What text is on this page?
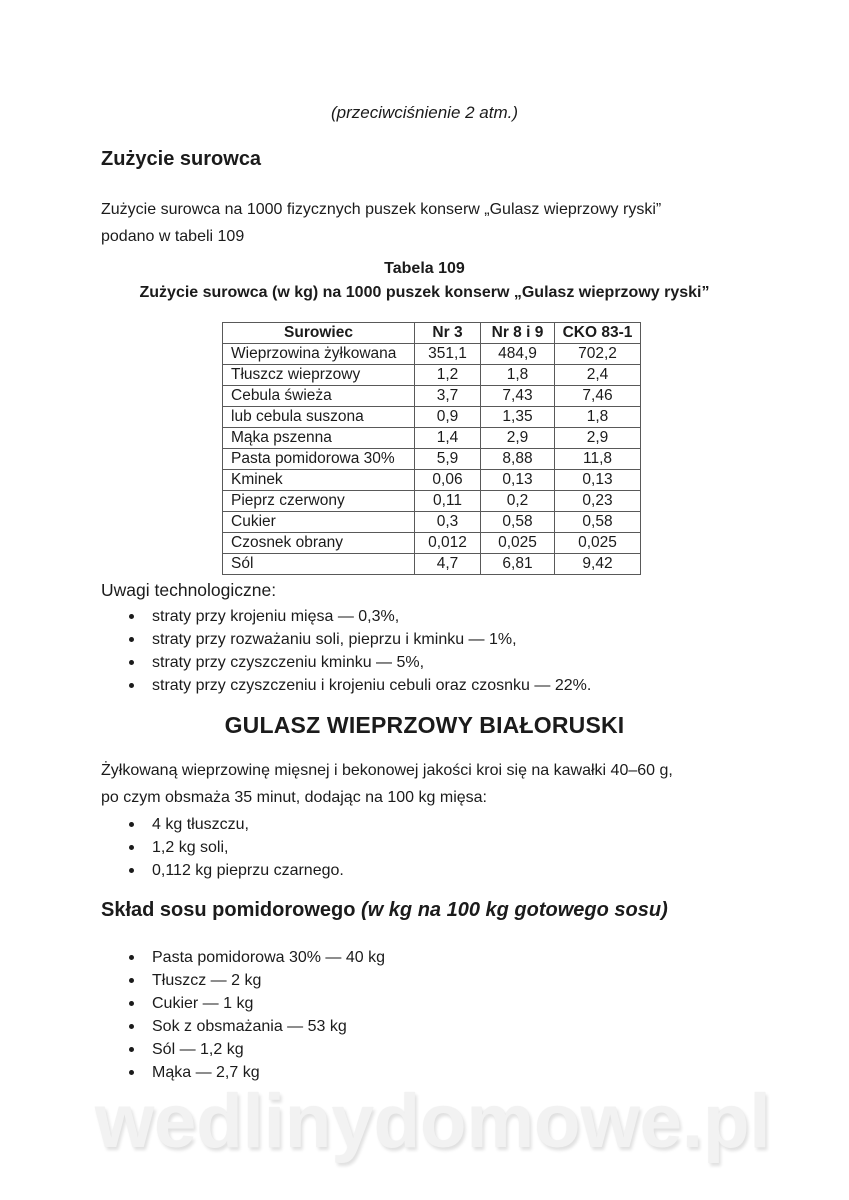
(przeciwciśnienie 2 atm.)
Zużycie surowca

Zużycie surowca na 1000 fizycznych puszek konserw „Gulasz wieprzowy ryski”
podano w tabeli 109

Tabela 109
Zużycie surowca (w kg) na 1000 puszek konserw „Gulasz wieprzowy ryski”
Surowiec	Nr 3	Nr 8 i 9	CKO 83-1
Wieprzowina żyłkowana	351,1	484,9	702,2
Tłuszcz wieprzowy	1,2	1,8	2,4
Cebula świeża	3,7	7,43	7,46
lub cebula suszona	0,9	1,35	1,8
Mąka pszenna	1,4	2,9	2,9
Pasta pomidorowa 30%	5,9	8,88	11,8
Kminek	0,06	0,13	0,13
Pieprz czerwony	0,11	0,2	0,23
Cukier	0,3	0,58	0,58
Czosnek obrany	0,012	0,025	0,025
Sól	4,7	6,81	9,42
Uwagi technologiczne:
straty przy krojeniu mięsa — 0,3%,
straty przy rozważaniu soli, pieprzu i kminku — 1%,
straty przy czyszczeniu kminku — 5%,
straty przy czyszczeniu i krojeniu cebuli oraz czosnku — 22%.
GULASZ WIEPRZOWY BIAŁORUSKI

Żyłkowaną wieprzowinę mięsnej i bekonowej jakości kroi się na kawałki 40–60 g,
po czym obsmaża 35 minut, dodając na 100 kg mięsa:

4 kg tłuszczu,
1,2 kg soli,
0,112 kg pieprzu czarnego.
Skład sosu pomidorowego (w kg na 100 kg gotowego sosu)
Pasta pomidorowa 30% — 40 kg
Tłuszcz — 2 kg
Cukier — 1 kg
Sok z obsmażania — 53 kg
Sól — 1,2 kg
Mąka — 2,7 kg
wedlinydomowe.pl
